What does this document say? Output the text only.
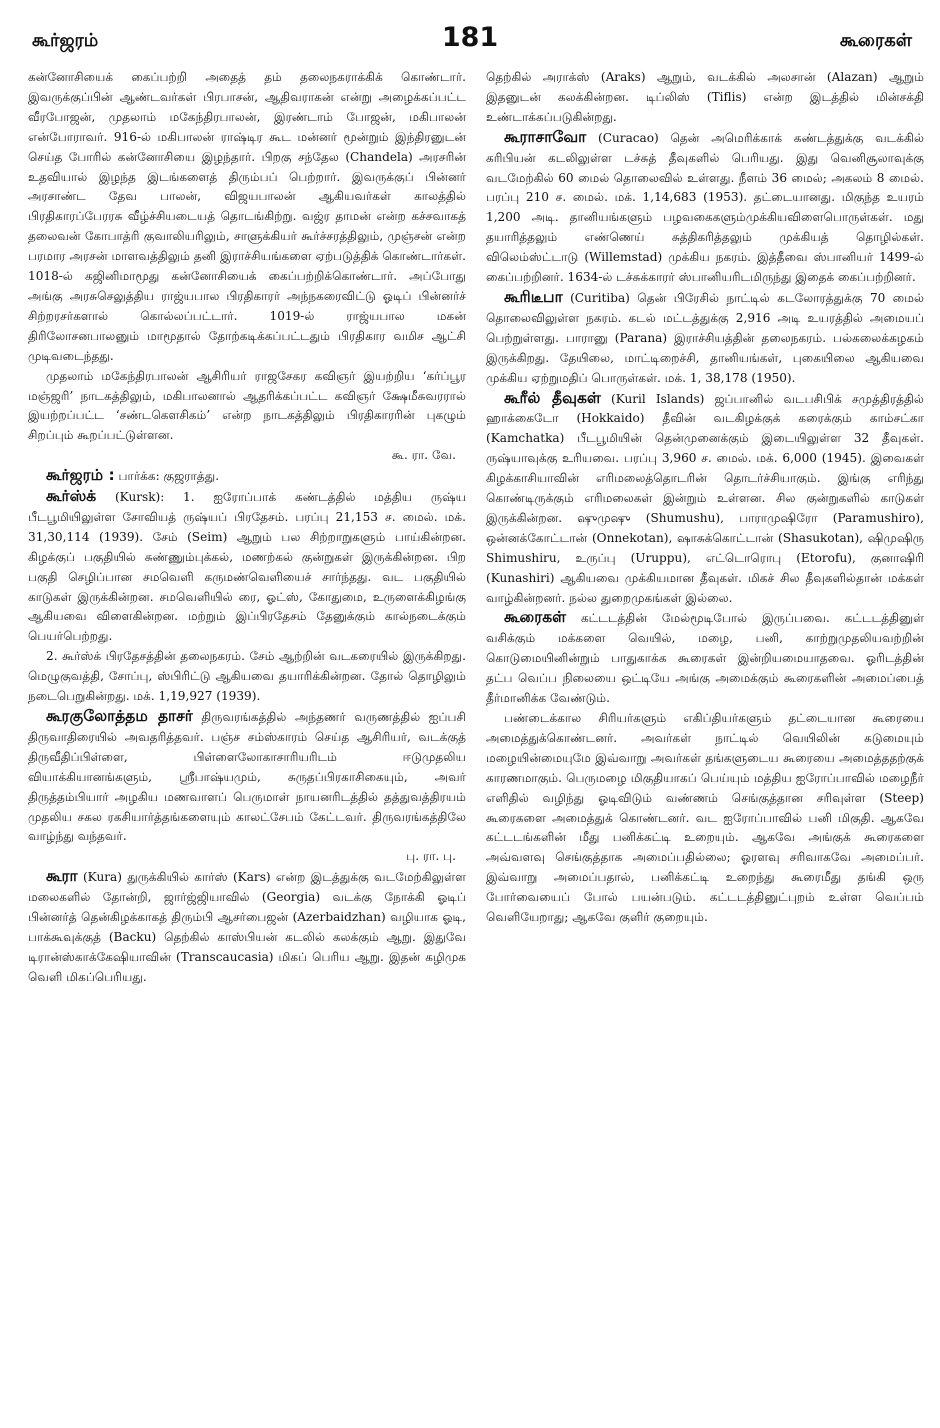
கூர்ஜரம்	181	கூரைகள்

கன்னோசியைக் கைப்பற்றி அதைத் தம் தலைநகராக்கிக் கொண்டார். இவருக்குப்பின் ஆண்டவர்கள் பிரபாசன், ஆதிவராகன் என்று அழைக்கப்பட்ட வீரபோஜன், முதலாம் மகேந்திரபாலன், இரண்டாம் போஜன், மகிபாலன் என்போராவர். 916-ல் மகிபாலன் ராஷ்டிர கூட மன்னர் மூன்றும் இந்திரனுடன் செய்த போரில் கன்னோசியை இழந்தார். பிறகு சந்தேல (Chandela) அரசரின் உதவியால் இழந்த இடங்களைத் திரும்பப் பெற்றார். இவருக்குப் பின்னர் அரசாண்ட தேவ பாலன், விஜயபாலன் ஆகியவர்கள் காலத்தில் பிரதிகாரப்பேரரசு வீழ்ச்சியடையத் தொடங்கிற்று. வஜ்ர தாமன் என்ற கச்சவாகத் தலைவன் கோபாத்ரி குவாலியரிலும், சாளுக்கியர் கூர்ச்சரத்திலும், முஞ்சன் என்ற பரமார அரசன் மாளவத்திலும் தனி இராச்சியங்களை ஏற்படுத்திக் கொண்டார்கள். 1018-ல் கஜினிமாமூது கன்னோசியைக் கைப்பற்றிக்கொண்டார். அப்போது அங்கு அரசுசெலுத்திய ராஜ்யபால பிரதிகாரர் அந்நகரைவிட்டு ஓடிப் பின்னர்ச் சிற்றரசர்களால் கொல்லப்பட்டார். 1019-ல் ராஜ்யபால மகன் திரிலோசனபாலனும் மாமூதால் தோற்கடிக்கப்பட்டதும் பிரதிகார வமிச ஆட்சி முடிவடைந்தது.

முதலாம் மகேந்திரபாலன் ஆசிரியர் ராஜசேகர கவிஞர் இயற்றிய ‘கர்ப்பூர மஞ்ஜரி’ நாடகத்திலும், மகிபாலனால் ஆதரிக்கப்பட்ட கவிஞர் க்ஷேமீசுவரரால் இயற்றப்பட்ட ‘சண்டகௌசிகம்’ என்ற நாடகத்திலும் பிரதிகாரரின் புகழும் சிறப்பும் கூறப்பட்டுள்ளன.

கூ. ரா. வே.

கூர்ஜரம் : பார்க்க: குஜராத்து.

கூர்ஸ்க் (Kursk): 1. ஐரோப்பாக் கண்டத்தில் மத்திய ருஷ்ய பீடபூமியிலுள்ள சோவியத் ருஷ்யப் பிரதேசம். பரப்பு 21,153 ச. மைல். மக். 31,30,114 (1939). சேம் (Seim) ஆறும் பல சிற்றாறுகளும் பாய்கின்றன. கிழக்குப் பகுதியில் சுண்ணும்புக்கல், மணற்கல் குன்றுகள் இருக்கின்றன. பிற பகுதி செழிப்பான சமவெளி கருமண்வெளியைச் சார்ந்தது. வட பகுதியில் காடுகள் இருக்கின்றன. சமவெளியில் ரை, ஓட்ஸ், கோதுமை, உருளைக்கிழங்கு ஆகியவை விளைகின்றன. மற்றும் இப்பிரதேசம் தேனுக்கும் கால்நடைக்கும் பெயர்பெற்றது.

2. கூர்ஸ்க் பிரதேசத்தின் தலைநகரம். சேம் ஆற்றின் வடகரையில் இருக்கிறது. மெழுகுவத்தி, சோப்பு, ஸ்பிரிட்டு ஆகியவை தயாரிக்கின்றன. தோல் தொழிலும் நடைபெறுகின்றது. மக். 1,19,927 (1939).

கூரகுலோத்தம தாசர் திருவரங்கத்தில் அந்தணர் வருணத்தில் ஐப்பசி திருவாதிரையில் அவதரித்தவர். பஞ்ச சம்ஸ்காரம் செய்த ஆசிரியர், வடக்குத் திருவீதிப்பிள்ளை, பிள்ளைலோகாசாரியரிடம் ஈடுமுதலிய வியாக்கியானங்களும், ஸ்ரீபாஷ்யமும், சுருதப்பிரகாசிகையும், அவர் திருத்தம்பியார் அழகிய மணவாளப் பெருமாள் நாயனரிடத்தில் தத்துவத்திரயம் முதலிய சகல ரகசியார்த்தங்களையும் காலட்சேபம் கேட்டவர். திருவரங்கத்திலே வாழ்ந்து வந்தவர்.

பு. ரா. பு.

கூரா (Kura) துருக்கியில் கார்ஸ் (Kars) என்ற இடத்துக்கு வடமேற்கிலுள்ள மலைகளில் தோன்றி, ஜார்ஜ்ஜியாவில் (Georgia) வடக்கு நோக்கி ஓடிப் பின்னர்த் தென்கிழக்காகத் திரும்பி ஆசர்பைஜன் (Azerbaidzhan) வழியாக ஓடி, பாக்கூவுக்குத் (Backu) தெற்கில் காஸ்பியன் கடலில் கலக்கும் ஆறு. இதுவே டிரான்ஸ்காக்கேஷியாவின் (Transcaucasia) மிகப் பெரிய ஆறு. இதன் கழிமுக வெளி மிகப்பெரியது.

தெற்கில் அராக்ஸ் (Araks) ஆறும், வடக்கில் அலசான் (Alazan) ஆறும் இதனுடன் கலக்கின்றன. டிப்லிஸ் (Tiflis) என்ற இடத்தில் மின்சக்தி உண்டாக்கப்படுகின்றது.

கூராசாவோ (Curacao) தென் அமெரிக்காக் கண்டத்துக்கு வடக்கில் கரிபியன் கடலிலுள்ள டச்சுத் தீவுகளில் பெரியது. இது வெனிசூலாவுக்கு வடமேற்கில் 60 மைல் தொலைவில் உள்ளது. நீளம் 36 மைல்; அகலம் 8 மைல். பரப்பு 210 ச. மைல். மக். 1,14,683 (1953). தட்டையானது. மிகுந்த உயரம் 1,200 அடி. தானியங்களும் பழவகைகளும்முக்கியவிளைபொருள்கள். மது தயாரித்தலும் எண்ணெய் சுத்திகரித்தலும் முக்கியத் தொழில்கள். விலெம்ஸ்ட்டாடு (Willemstad) முக்கிய நகரம். இத்தீவை ஸ்பானியர் 1499-ல் கைப்பற்றினர். 1634-ல் டச்சுக்காரர் ஸ்பானியரிடமிருந்து இதைக் கைப்பற்றினர்.

கூரிடீபா (Curitiba) தென் பிரேசில் நாட்டில் கடலோரத்துக்கு 70 மைல் தொலைவிலுள்ள நகரம். கடல் மட்டத்துக்கு 2,916 அடி உயரத்தில் அமையப் பெற்றுள்ளது. பாரானு (Parana) இராச்சியத்தின் தலைநகரம். பல்கலைக்கழகம் இருக்கிறது. தேயிலை, மாட்டிறைச்சி, தானியங்கள், புகையிலை ஆகியவை முக்கிய ஏற்றுமதிப் பொருள்கள். மக். 1, 38,178 (1950).

கூரீல் தீவுகள் (Kuril Islands) ஜப்பானில் வடபசிபிக் சமுத்திரத்தில் ஹாக்கைடோ (Hokkaido) தீவின் வடகிழக்குக் கரைக்கும் காம்சட்கா (Kamchatka) பீடபூமியின் தென்முனைக்கும் இடையிலுள்ள 32 தீவுகள். ருஷ்யாவுக்கு உரியவை. பரப்பு 3,960 ச. மைல். மக். 6,000 (1945). இவைகள் கிழக்காசியாவின் எரிமலைத்தொடரின் தொடர்ச்சியாகும். இங்கு எரிந்து கொண்டிருக்கும் எரிமலைகள் இன்றும் உள்ளன. சில குன்றுகளில் காடுகள் இருக்கின்றன. ஷுமுஷு (Shumushu), பாராமுஷிரோ (Paramushiro), ஒன்னக்கோட்டான் (Onnekotan), ஷாசுக்கொட்டான் (Shasukotan), ஷிமுஷிரு Shimushiru, உருப்பு (Uruppu), எட்டொரொபு (Etorofu), குனாஷிரி (Kunashiri) ஆகியவை முக்கியமான தீவுகள். மிகச் சில தீவுகளில்தான் மக்கள் வாழ்கின்றனர். நல்ல துறைமுகங்கள் இல்லை.

கூரைகள் கட்டடத்தின் மேல்மூடிபோல் இருப்பவை. கட்டடத்தினுள் வசிக்கும் மக்களை வெயில், மழை, பனி, காற்றுமுதலியவற்றின் கொடுமையினின்றும் பாதுகாக்க கூரைகள் இன்றியமையாதவை. ஓரிடத்தின் தட்ப வெப்ப நிலையை ஒட்டியே அங்கு அமைக்கும் கூரைகளின் அமைப்பைத் தீர்மானிக்க வேண்டும்.

பண்டைக்கால சிரியர்களும் எகிப்தியர்களும் தட்டையான கூரையை அமைத்துக்கொண்டனர். அவர்கள் நாட்டில் வெயிலின் கடுமையும் மழையின்மையுமே இவ்வாறு அவர்கள் தங்களுடைய கூரையை அமைத்ததற்குக் காரணமாகும். பெருமழை மிகுதியாகப் பெய்யும் மத்திய ஐரோப்பாவில் மழைநீர் எளிதில் வழிந்து ஓடிவிடும் வண்ணம் செங்குத்தான சரிவுள்ள (Steep) கூரைகளை அமைத்துக் கொண்டனர். வட ஐரோப்பாவில் பனி மிகுதி. ஆகவே கட்டடங்களின் மீது பனிக்கட்டி உறையும். ஆகவே அங்குக் கூரைகளை அவ்வளவு செங்குத்தாக அமைப்பதில்லை; ஓரளவு சரிவாகவே அமைப்பர். இவ்வாறு அமைப்பதால், பனிக்கட்டி உறைந்து கூரைமீது தங்கி ஒரு போர்வையைப் போல் பயன்படும். கட்டடத்தினுட்புறம் உள்ள வெப்பம் வெளியேறாது; ஆகவே குளிர் குறையும்.
